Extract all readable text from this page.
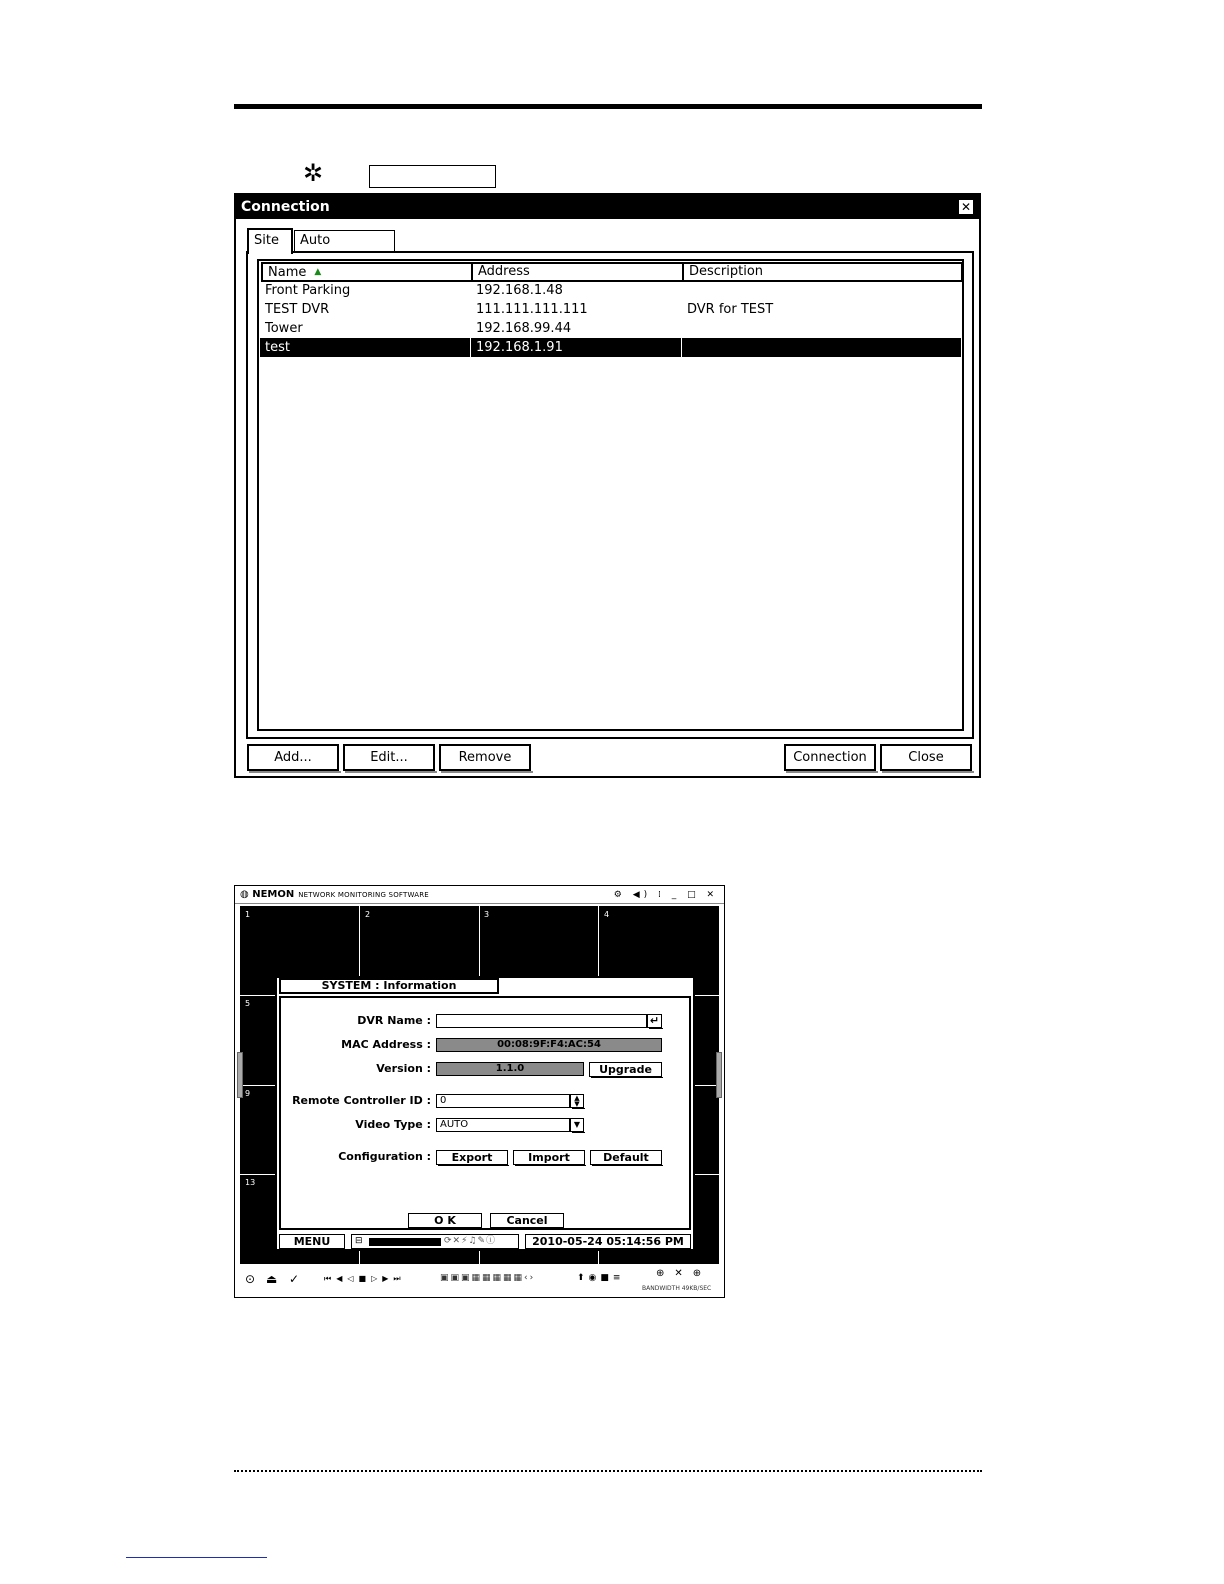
✲
Connection	✕
Site	Auto
Name ▲	Address	Description
Front Parking	192.168.1.48
TEST DVR	111.111.111.111	DVR for TEST
Tower	192.168.99.44
test	192.168.1.91
Add...	Edit...	Remove	Connection	Close
◍ NEMON NETWORK MONITORING SOFTWARE	⚙ ◀) ⁞ _ □ ✕
1	2	3	4
5
9
13
SYSTEM : Information
DVR Name :	↵
MAC Address :	00:08:9F:F4:AC:54
Version :	1.1.0	Upgrade
Remote Controller ID : 0	▲
▼
Video Type : AUTO	▼
Configuration :	Export	Import	Default
O K	Cancel
MENU	⊟	⟳✕⚡♫✎ⓘ	2010-05-24 05:14:56 PM
⊙ ⏏ ✓	⏮◀◁■▷▶⏭	▣▣▣▦▦▦▦▦‹›	⬆◉■≡	⊕✕⊕
BANDWIDTH 49KB/SEC
